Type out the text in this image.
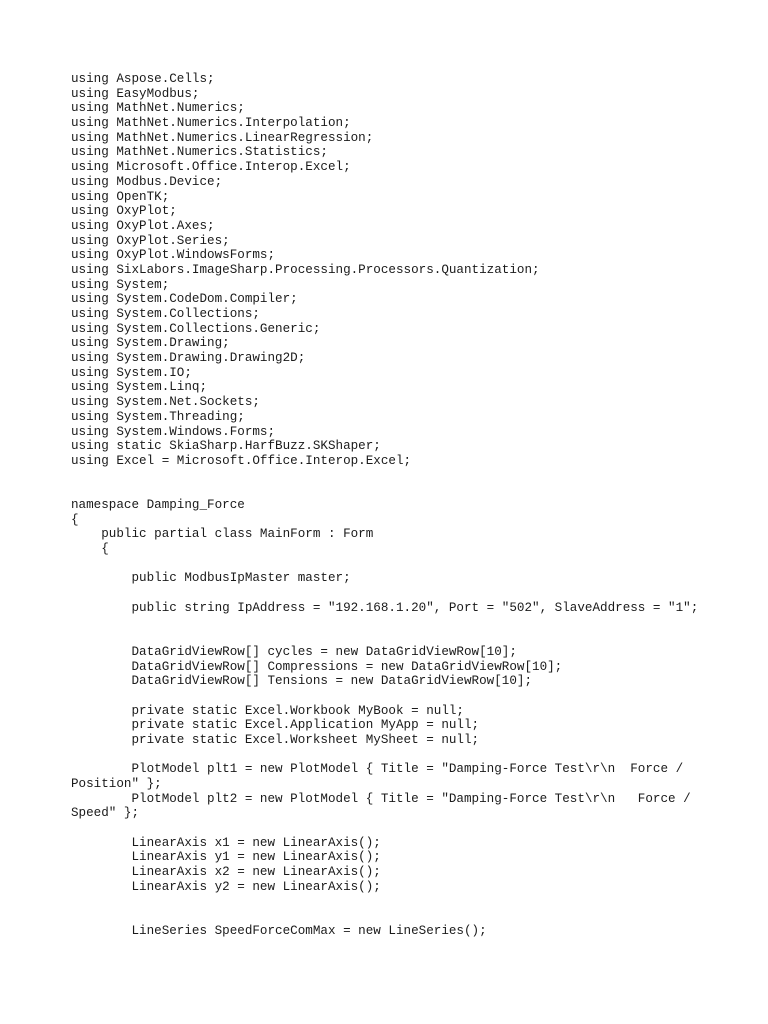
using Aspose.Cells;
using EasyModbus;
using MathNet.Numerics;
using MathNet.Numerics.Interpolation;
using MathNet.Numerics.LinearRegression;
using MathNet.Numerics.Statistics;
using Microsoft.Office.Interop.Excel;
using Modbus.Device;
using OpenTK;
using OxyPlot;
using OxyPlot.Axes;
using OxyPlot.Series;
using OxyPlot.WindowsForms;
using SixLabors.ImageSharp.Processing.Processors.Quantization;
using System;
using System.CodeDom.Compiler;
using System.Collections;
using System.Collections.Generic;
using System.Drawing;
using System.Drawing.Drawing2D;
using System.IO;
using System.Linq;
using System.Net.Sockets;
using System.Threading;
using System.Windows.Forms;
using static SkiaSharp.HarfBuzz.SKShaper;
using Excel = Microsoft.Office.Interop.Excel;
namespace Damping_Force
{
public partial class MainForm : Form
{
public ModbusIpMaster master;
public string IpAddress = "192.168.1.20", Port = "502", SlaveAddress = "1";
DataGridViewRow[] cycles = new DataGridViewRow[10];
DataGridViewRow[] Compressions = new DataGridViewRow[10];
DataGridViewRow[] Tensions = new DataGridViewRow[10];
private static Excel.Workbook MyBook = null;
private static Excel.Application MyApp = null;
private static Excel.Worksheet MySheet = null;
PlotModel plt1 = new PlotModel { Title = "Damping-Force Test\r\n  Force /
Position" };
PlotModel plt2 = new PlotModel { Title = "Damping-Force Test\r\n   Force /
Speed" };
LinearAxis x1 = new LinearAxis();
LinearAxis y1 = new LinearAxis();
LinearAxis x2 = new LinearAxis();
LinearAxis y2 = new LinearAxis();
LineSeries SpeedForceComMax = new LineSeries();
